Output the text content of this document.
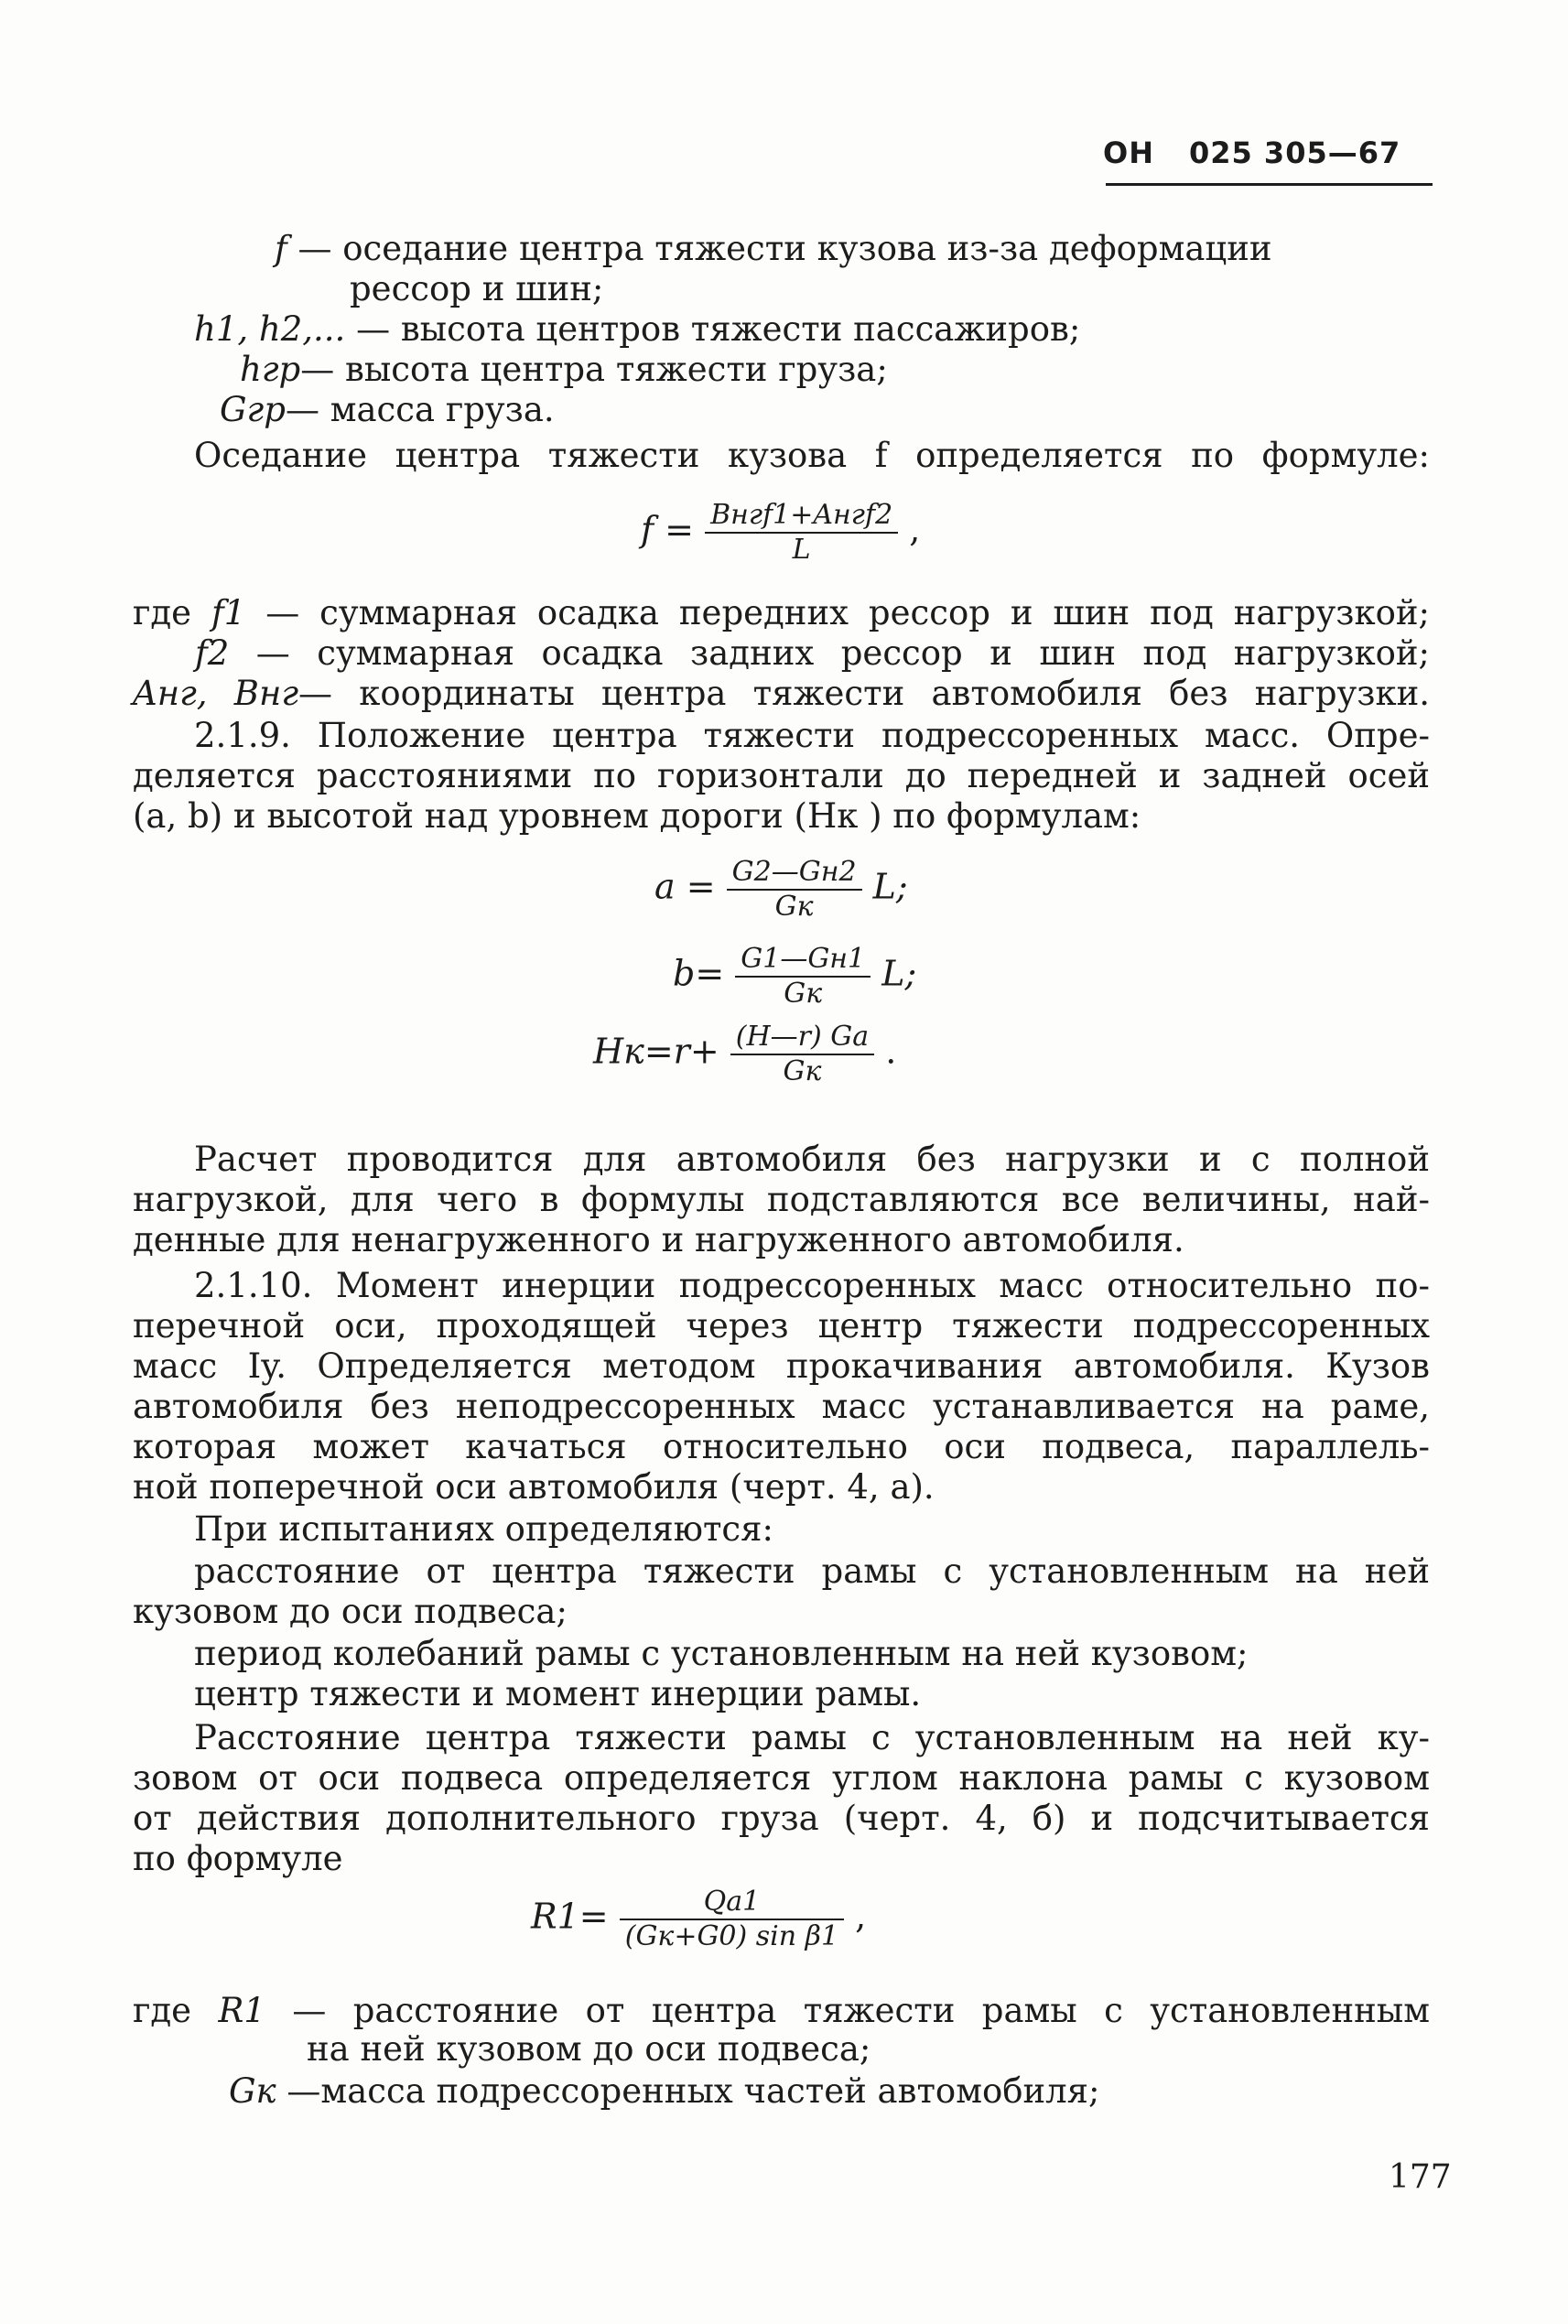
ОН 025 305—67
f — оседание центра тяжести кузова из-за деформации
рессор и шин;
h1, h2,... — высота центров тяжести пассажиров;
hгр— высота центра тяжести груза;
Gгр— масса груза.
Оседание центра тяжести кузова f определяется по формуле:
$f = \frac{\text{Bнгf1+Aнгf2}}{L}$ ,
где f1 — суммарная осадка передних рессор и шин под нагрузкой;
f2 — суммарная осадка задних рессор и шин под нагрузкой;
Aнг, Bнг— координаты центра тяжести автомобиля без нагрузки.
2.1.9. Положение центра тяжести подрессоренных масс. Опре-
деляется расстояниями по горизонтали до передней и задней осей
(a, b) и высотой над уровнем дороги (Hк ) по формулам:
$a = \frac{G2—Gн2}{Gк} L$;
$b= \frac{G1—Gн1}{Gк} L$;
$Hк=r+ \frac{(H—r) Ga}{Gк}$ .
Расчет проводится для автомобиля без нагрузки и с полной
нагрузкой, для чего в формулы подставляются все величины, най-
денные для ненагруженного и нагруженного автомобиля.
2.1.10. Момент инерции подрессоренных масс относительно по-
перечной оси, проходящей через центр тяжести подрессоренных
масс Iy. Определяется методом прокачивания автомобиля. Кузов
автомобиля без неподрессоренных масс устанавливается на раме,
которая может качаться относительно оси подвеса, параллель-
ной поперечной оси автомобиля (черт. 4, a).
При испытаниях определяются:
расстояние от центра тяжести рамы с установленным на ней
кузовом до оси подвеса;
период колебаний рамы с установленным на ней кузовом;
центр тяжести и момент инерции рамы.
Расстояние центра тяжести рамы с установленным на ней ку-
зовом от оси подвеса определяется углом наклона рамы с кузовом
от действия дополнительного груза (черт. 4, б) и подсчитывается
по формуле
$R1= \frac{Qa1}{\text{(Gк+G0) sin β1}}$ ,
где R1 — расстояние от центра тяжести рамы с установленным
на ней кузовом до оси подвеса;
Gк —масса подрессоренных частей автомобиля;
177
